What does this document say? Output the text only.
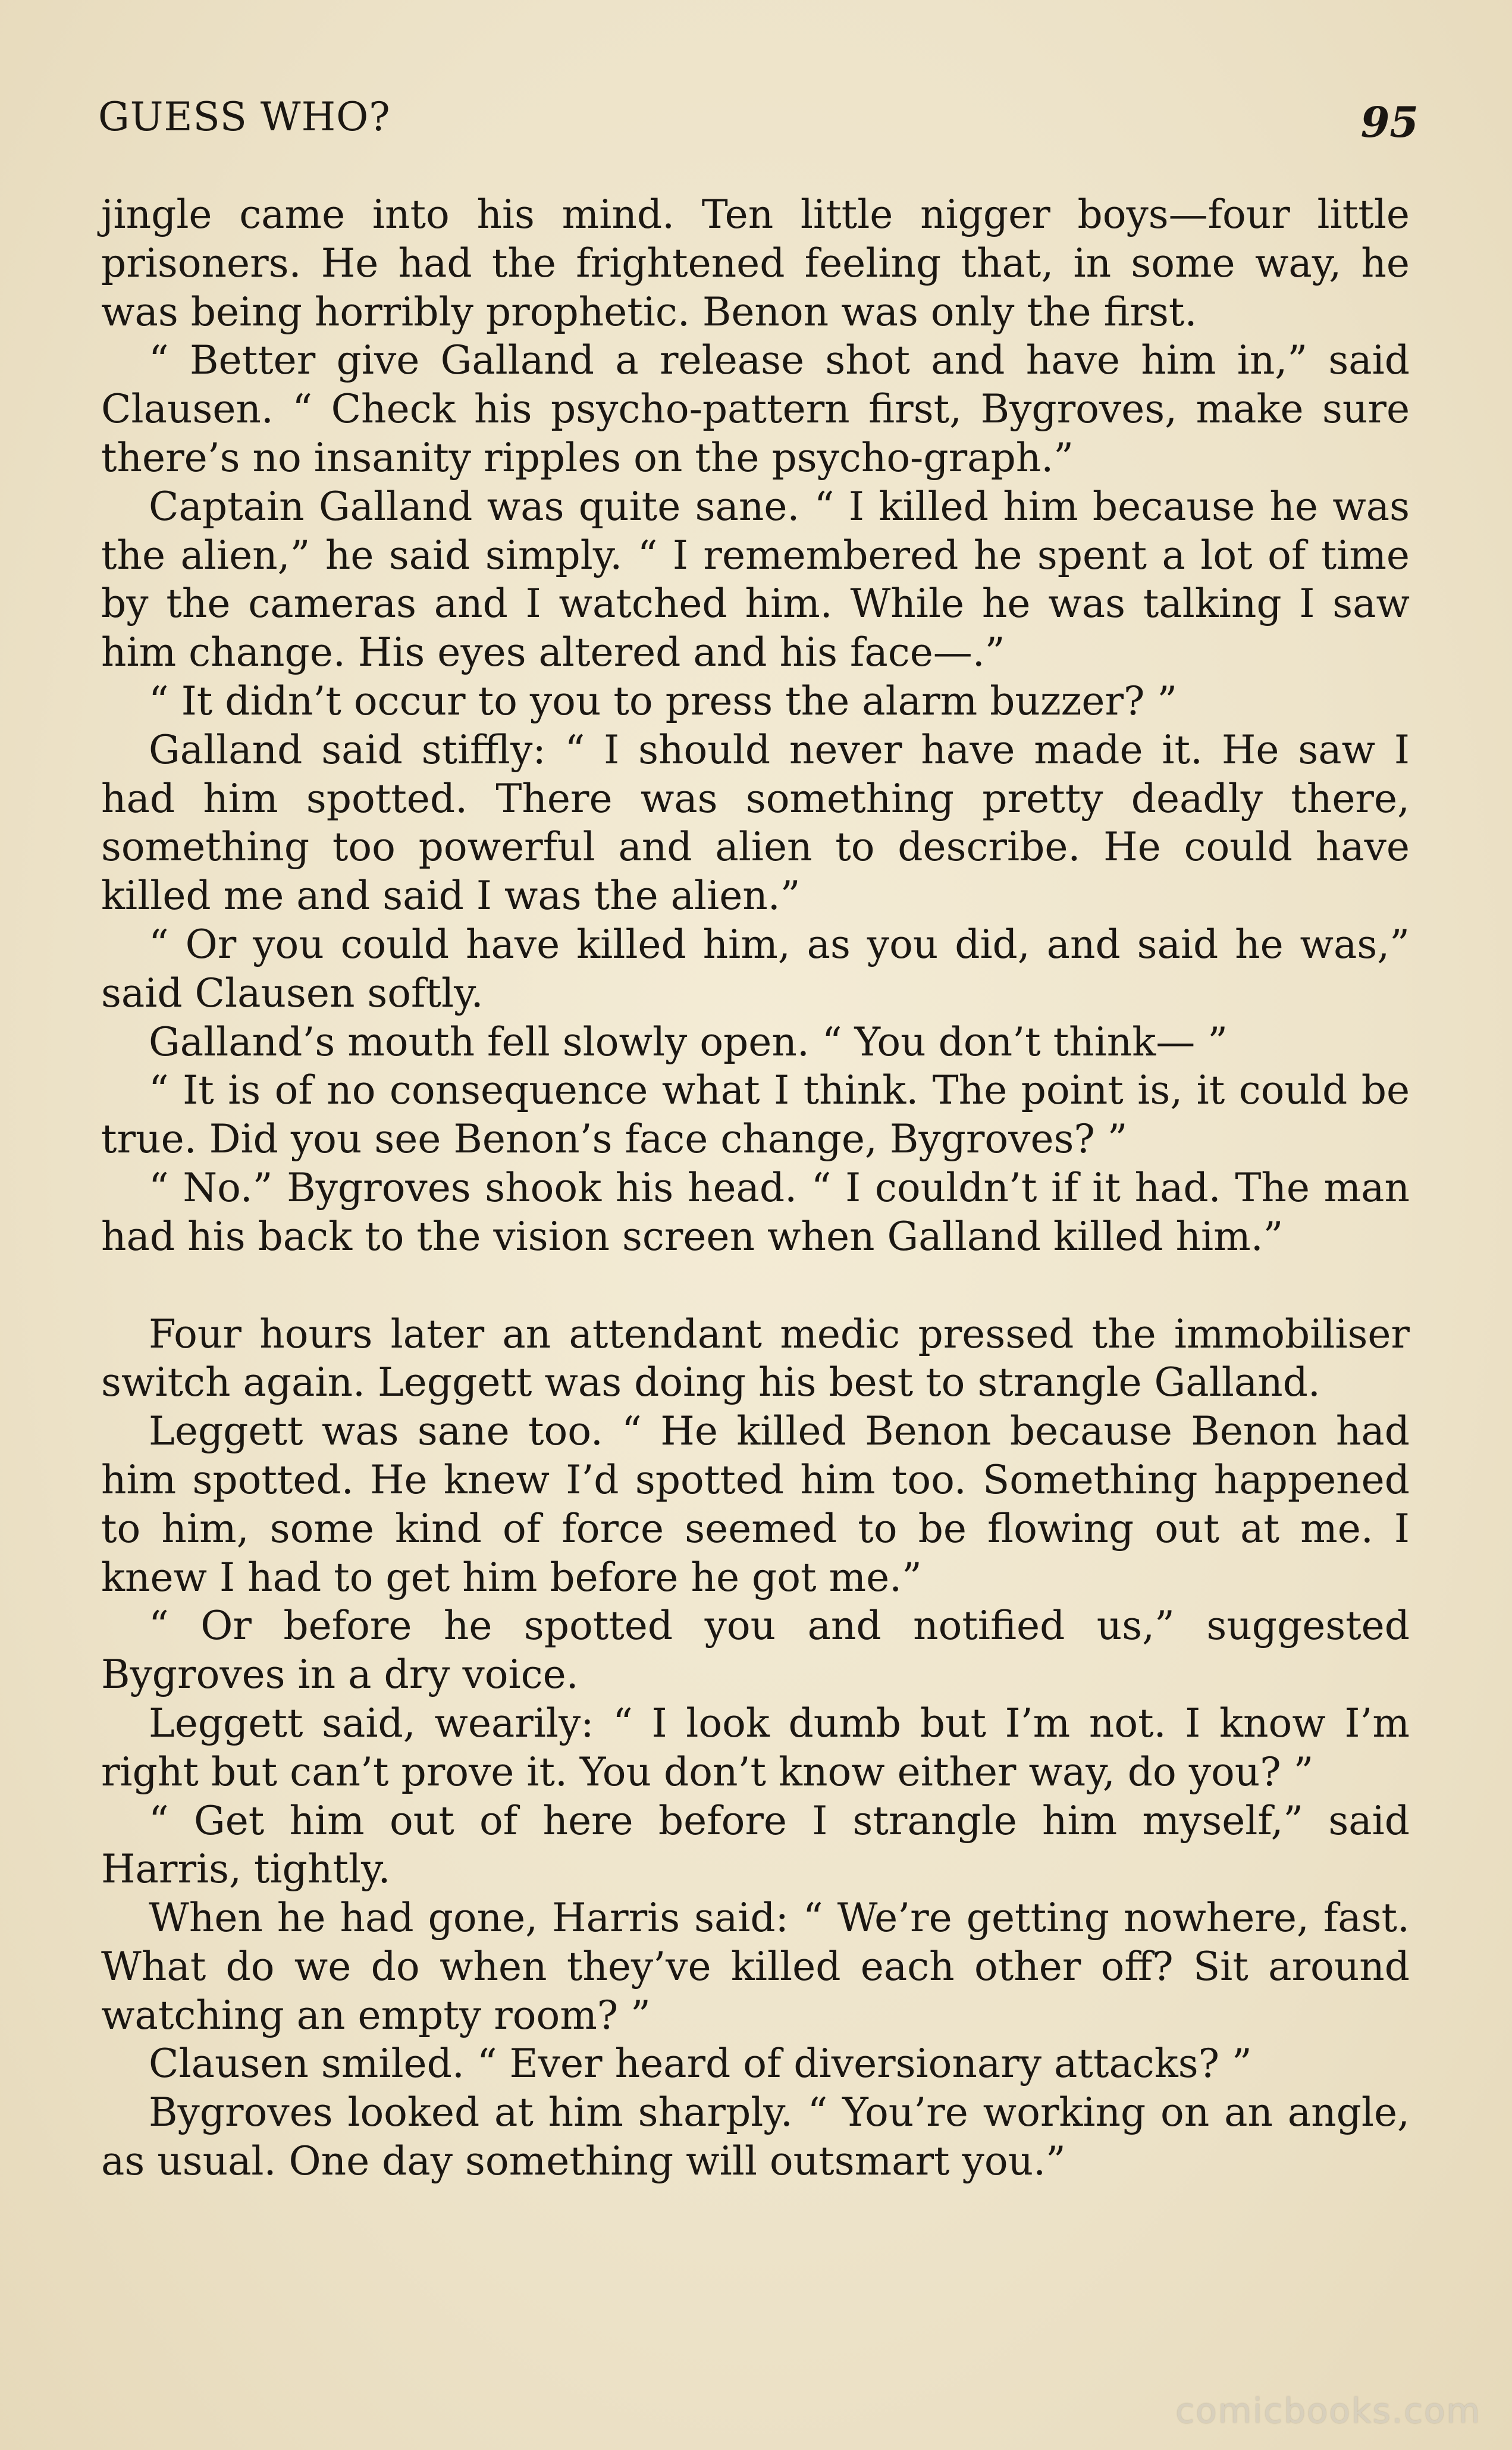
GUESS WHO?	95

jingle came into his mind. Ten little nigger boys—four little prisoners. He had the frightened feeling that, in some way, he was being horribly prophetic. Benon was only the first.

“ Better give Galland a release shot and have him in,” said Clausen. “ Check his psycho-pattern first, Bygroves, make sure there’s no insanity ripples on the psycho-graph.”

Captain Galland was quite sane. “ I killed him because he was the alien,” he said simply. “ I remembered he spent a lot of time by the cameras and I watched him. While he was talking I saw him change. His eyes altered and his face—.”

“ It didn’t occur to you to press the alarm buzzer? ”

Galland said stiffly: “ I should never have made it. He saw I had him spotted. There was something pretty deadly there, something too powerful and alien to describe. He could have killed me and said I was the alien.”

“ Or you could have killed him, as you did, and said he was,” said Clausen softly.

Galland’s mouth fell slowly open. “ You don’t think— ”

“ It is of no consequence what I think. The point is, it could be true. Did you see Benon’s face change, Bygroves? ”

“ No.” Bygroves shook his head. “ I couldn’t if it had. The man had his back to the vision screen when Galland killed him.”

Four hours later an attendant medic pressed the immobiliser switch again. Leggett was doing his best to strangle Galland.

Leggett was sane too. “ He killed Benon because Benon had him spotted. He knew I’d spotted him too. Something happened to him, some kind of force seemed to be flowing out at me. I knew I had to get him before he got me.”

“ Or before he spotted you and notified us,” suggested Bygroves in a dry voice.

Leggett said, wearily: “ I look dumb but I’m not. I know I’m right but can’t prove it. You don’t know either way, do you? ”

“ Get him out of here before I strangle him myself,” said Harris, tightly.

When he had gone, Harris said: “ We’re getting nowhere, fast. What do we do when they’ve killed each other off? Sit around watching an empty room? ”

Clausen smiled. “ Ever heard of diversionary attacks? ”

Bygroves looked at him sharply. “ You’re working on an angle, as usual. One day something will outsmart you.”

comicbooks.com
